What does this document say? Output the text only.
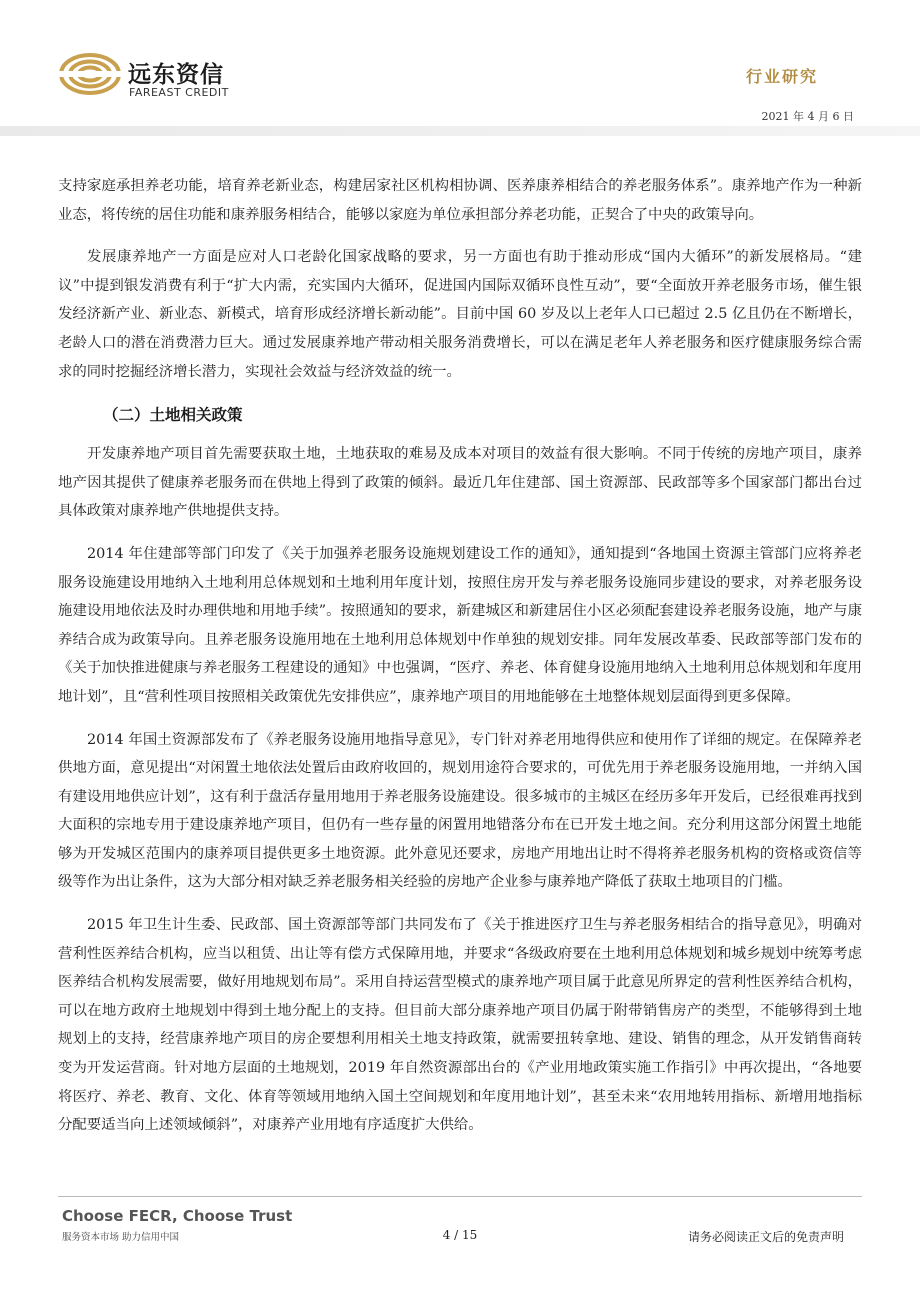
远东资信
FAREAST CREDIT
行业研究
2021 年 4 月 6 日

支持家庭承担养老功能，培育养老新业态，构建居家社区机构相协调、医养康养相结合的养老服务体系”。康养地产作为一种新业态，将传统的居住功能和康养服务相结合，能够以家庭为单位承担部分养老功能，正契合了中央的政策导向。

发展康养地产一方面是应对人口老龄化国家战略的要求，另一方面也有助于推动形成“国内大循环”的新发展格局。“建议”中提到银发消费有利于“扩大内需，充实国内大循环，促进国内国际双循环良性互动”，要“全面放开养老服务市场，催生银发经济新产业、新业态、新模式，培育形成经济增长新动能”。目前中国 60 岁及以上老年人口已超过 2.5 亿且仍在不断增长，老龄人口的潜在消费潜力巨大。通过发展康养地产带动相关服务消费增长，可以在满足老年人养老服务和医疗健康服务综合需求的同时挖掘经济增长潜力，实现社会效益与经济效益的统一。

（二）土地相关政策

开发康养地产项目首先需要获取土地，土地获取的难易及成本对项目的效益有很大影响。不同于传统的房地产项目，康养地产因其提供了健康养老服务而在供地上得到了政策的倾斜。最近几年住建部、国土资源部、民政部等多个国家部门都出台过具体政策对康养地产供地提供支持。

2014 年住建部等部门印发了《关于加强养老服务设施规划建设工作的通知》，通知提到“各地国土资源主管部门应将养老服务设施建设用地纳入土地利用总体规划和土地利用年度计划，按照住房开发与养老服务设施同步建设的要求，对养老服务设施建设用地依法及时办理供地和用地手续”。按照通知的要求，新建城区和新建居住小区必须配套建设养老服务设施，地产与康养结合成为政策导向。且养老服务设施用地在土地利用总体规划中作单独的规划安排。同年发展改革委、民政部等部门发布的《关于加快推进健康与养老服务工程建设的通知》中也强调，“医疗、养老、体育健身设施用地纳入土地利用总体规划和年度用地计划”，且“营利性项目按照相关政策优先安排供应”，康养地产项目的用地能够在土地整体规划层面得到更多保障。

2014 年国土资源部发布了《养老服务设施用地指导意见》，专门针对养老用地得供应和使用作了详细的规定。在保障养老供地方面，意见提出“对闲置土地依法处置后由政府收回的，规划用途符合要求的，可优先用于养老服务设施用地，一并纳入国有建设用地供应计划”，这有利于盘活存量用地用于养老服务设施建设。很多城市的主城区在经历多年开发后，已经很难再找到大面积的宗地专用于建设康养地产项目，但仍有一些存量的闲置用地错落分布在已开发土地之间。充分利用这部分闲置土地能够为开发城区范围内的康养项目提供更多土地资源。此外意见还要求，房地产用地出让时不得将养老服务机构的资格或资信等级等作为出让条件，这为大部分相对缺乏养老服务相关经验的房地产企业参与康养地产降低了获取土地项目的门槛。

2015 年卫生计生委、民政部、国土资源部等部门共同发布了《关于推进医疗卫生与养老服务相结合的指导意见》，明确对营利性医养结合机构，应当以租赁、出让等有偿方式保障用地，并要求“各级政府要在土地利用总体规划和城乡规划中统筹考虑医养结合机构发展需要，做好用地规划布局”。采用自持运营型模式的康养地产项目属于此意见所界定的营利性医养结合机构，可以在地方政府土地规划中得到土地分配上的支持。但目前大部分康养地产项目仍属于附带销售房产的类型，不能够得到土地规划上的支持，经营康养地产项目的房企要想利用相关土地支持政策，就需要扭转拿地、建设、销售的理念，从开发销售商转变为开发运营商。针对地方层面的土地规划，2019 年自然资源部出台的《产业用地政策实施工作指引》中再次提出，“各地要将医疗、养老、教育、文化、体育等领域用地纳入国土空间规划和年度用地计划”，甚至未来“农用地转用指标、新增用地指标分配要适当向上述领域倾斜”，对康养产业用地有序适度扩大供给。

Choose FECR, Choose Trust
服务资本市场 助力信用中国	4 / 15	请务必阅读正文后的免责声明
